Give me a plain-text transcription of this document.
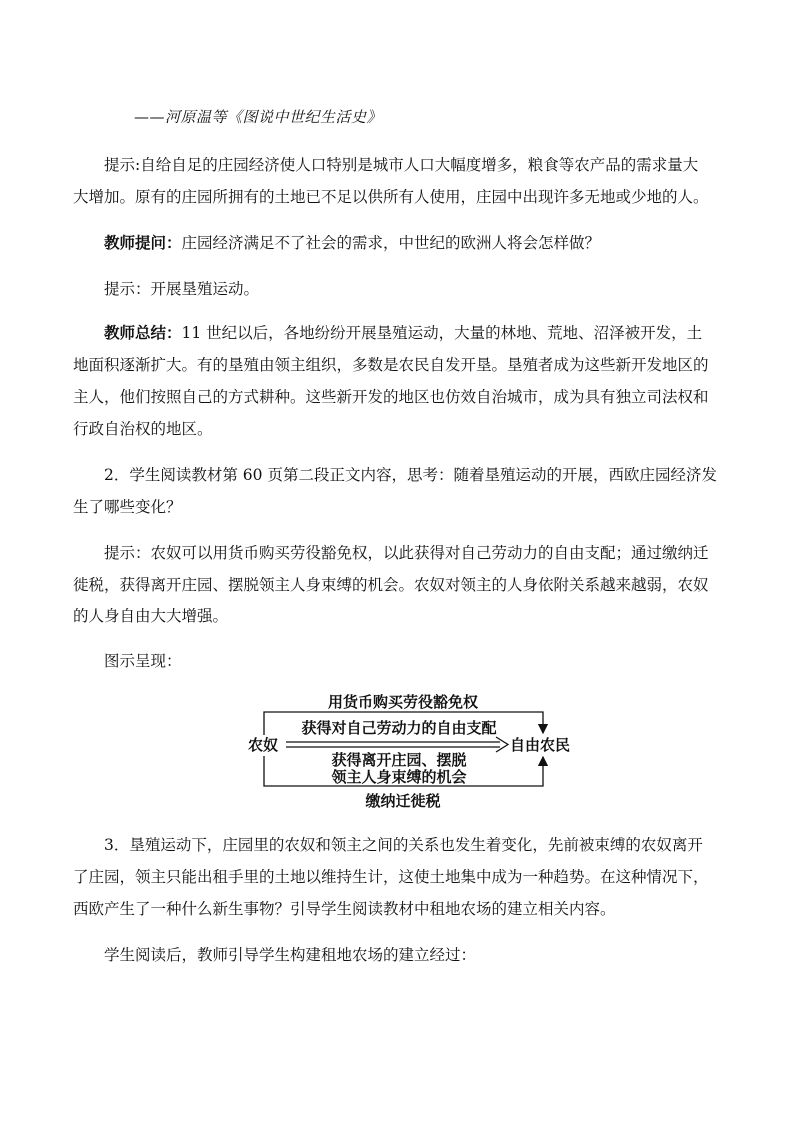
——河原温等《图说中世纪生活史》
提示:自给自足的庄园经济使人口特别是城市人口大幅度增多，粮食等农产品的需求量大
大增加。原有的庄园所拥有的土地已不足以供所有人使用，庄园中出现许多无地或少地的人。
教师提问：庄园经济满足不了社会的需求，中世纪的欧洲人将会怎样做？
提示：开展垦殖运动。
教师总结：11 世纪以后，各地纷纷开展垦殖运动，大量的林地、荒地、沼泽被开发，土
地面积逐渐扩大。有的垦殖由领主组织，多数是农民自发开垦。垦殖者成为这些新开发地区的
主人，他们按照自己的方式耕种。这些新开发的地区也仿效自治城市，成为具有独立司法权和
行政自治权的地区。
2．学生阅读教材第 60 页第二段正文内容，思考：随着垦殖运动的开展，西欧庄园经济发
生了哪些变化？
提示：农奴可以用货币购买劳役豁免权，以此获得对自己劳动力的自由支配；通过缴纳迁
徙税，获得离开庄园、摆脱领主人身束缚的机会。农奴对领主的人身依附关系越来越弱，农奴
的人身自由大大增强。
图示呈现：
用货币购买劳役豁免权
获得对自己劳动力的自由支配
农奴	自由农民
获得离开庄园、摆脱
领主人身束缚的机会
缴纳迁徙税
3．垦殖运动下，庄园里的农奴和领主之间的关系也发生着变化，先前被束缚的农奴离开
了庄园，领主只能出租手里的土地以维持生计，这使土地集中成为一种趋势。在这种情况下，
西欧产生了一种什么新生事物？引导学生阅读教材中租地农场的建立相关内容。
学生阅读后，教师引导学生构建租地农场的建立经过：
